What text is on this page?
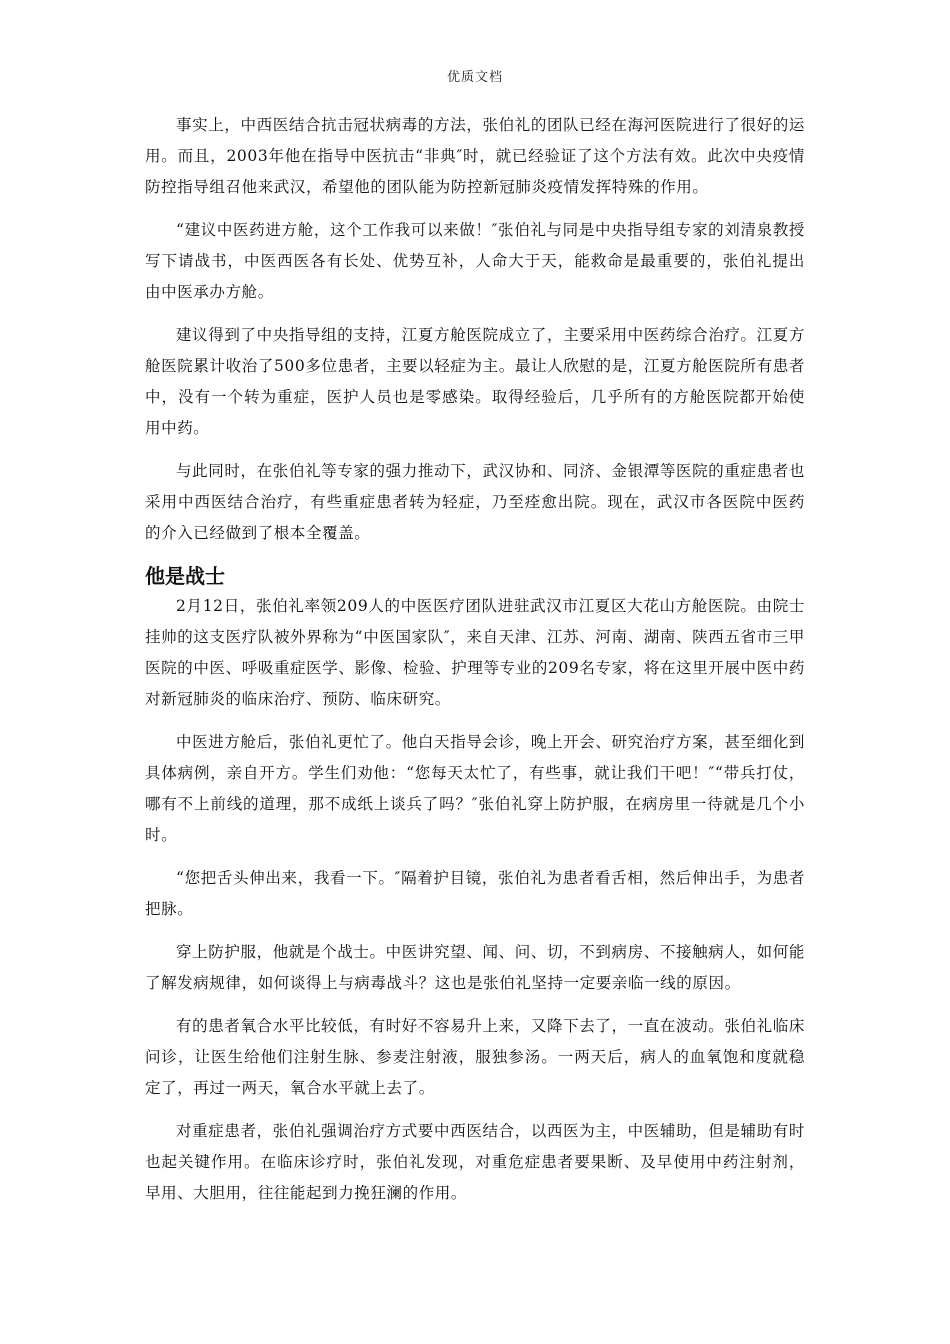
优质文档

事实上，中西医结合抗击冠状病毒的方法，张伯礼的团队已经在海河医院进行了很好的运用。而且，2003年他在指导中医抗击“非典″时，就已经验证了这个方法有效。此次中央疫情防控指导组召他来武汉，希望他的团队能为防控新冠肺炎疫情发挥特殊的作用。

“建议中医药进方舱，这个工作我可以来做！″张伯礼与同是中央指导组专家的刘清泉教授写下请战书，中医西医各有长处、优势互补，人命大于天，能救命是最重要的，张伯礼提出由中医承办方舱。

建议得到了中央指导组的支持，江夏方舱医院成立了，主要采用中医药综合治疗。江夏方舱医院累计收治了500多位患者，主要以轻症为主。最让人欣慰的是，江夏方舱医院所有患者中，没有一个转为重症，医护人员也是零感染。取得经验后，几乎所有的方舱医院都开始使用中药。

与此同时，在张伯礼等专家的强力推动下，武汉协和、同济、金银潭等医院的重症患者也采用中西医结合治疗，有些重症患者转为轻症，乃至痊愈出院。现在，武汉市各医院中医药的介入已经做到了根本全覆盖。

他是战士

2月12日，张伯礼率领209人的中医医疗团队进驻武汉市江夏区大花山方舱医院。由院士挂帅的这支医疗队被外界称为“中医国家队″，来自天津、江苏、河南、湖南、陕西五省市三甲医院的中医、呼吸重症医学、影像、检验、护理等专业的209名专家，将在这里开展中医中药对新冠肺炎的临床治疗、预防、临床研究。

中医进方舱后，张伯礼更忙了。他白天指导会诊，晚上开会、研究治疗方案，甚至细化到具体病例，亲自开方。学生们劝他：“您每天太忙了，有些事，就让我们干吧！″“带兵打仗，哪有不上前线的道理，那不成纸上谈兵了吗？″张伯礼穿上防护服，在病房里一待就是几个小时。

“您把舌头伸出来，我看一下。″隔着护目镜，张伯礼为患者看舌相，然后伸出手，为患者把脉。

穿上防护服，他就是个战士。中医讲究望、闻、问、切，不到病房、不接触病人，如何能了解发病规律，如何谈得上与病毒战斗？这也是张伯礼坚持一定要亲临一线的原因。

有的患者氧合水平比较低，有时好不容易升上来，又降下去了，一直在波动。张伯礼临床问诊，让医生给他们注射生脉、参麦注射液，服独参汤。一两天后，病人的血氧饱和度就稳定了，再过一两天，氧合水平就上去了。

对重症患者，张伯礼强调治疗方式要中西医结合，以西医为主，中医辅助，但是辅助有时也起关键作用。在临床诊疗时，张伯礼发现，对重危症患者要果断、及早使用中药注射剂，早用、大胆用，往往能起到力挽狂澜的作用。
